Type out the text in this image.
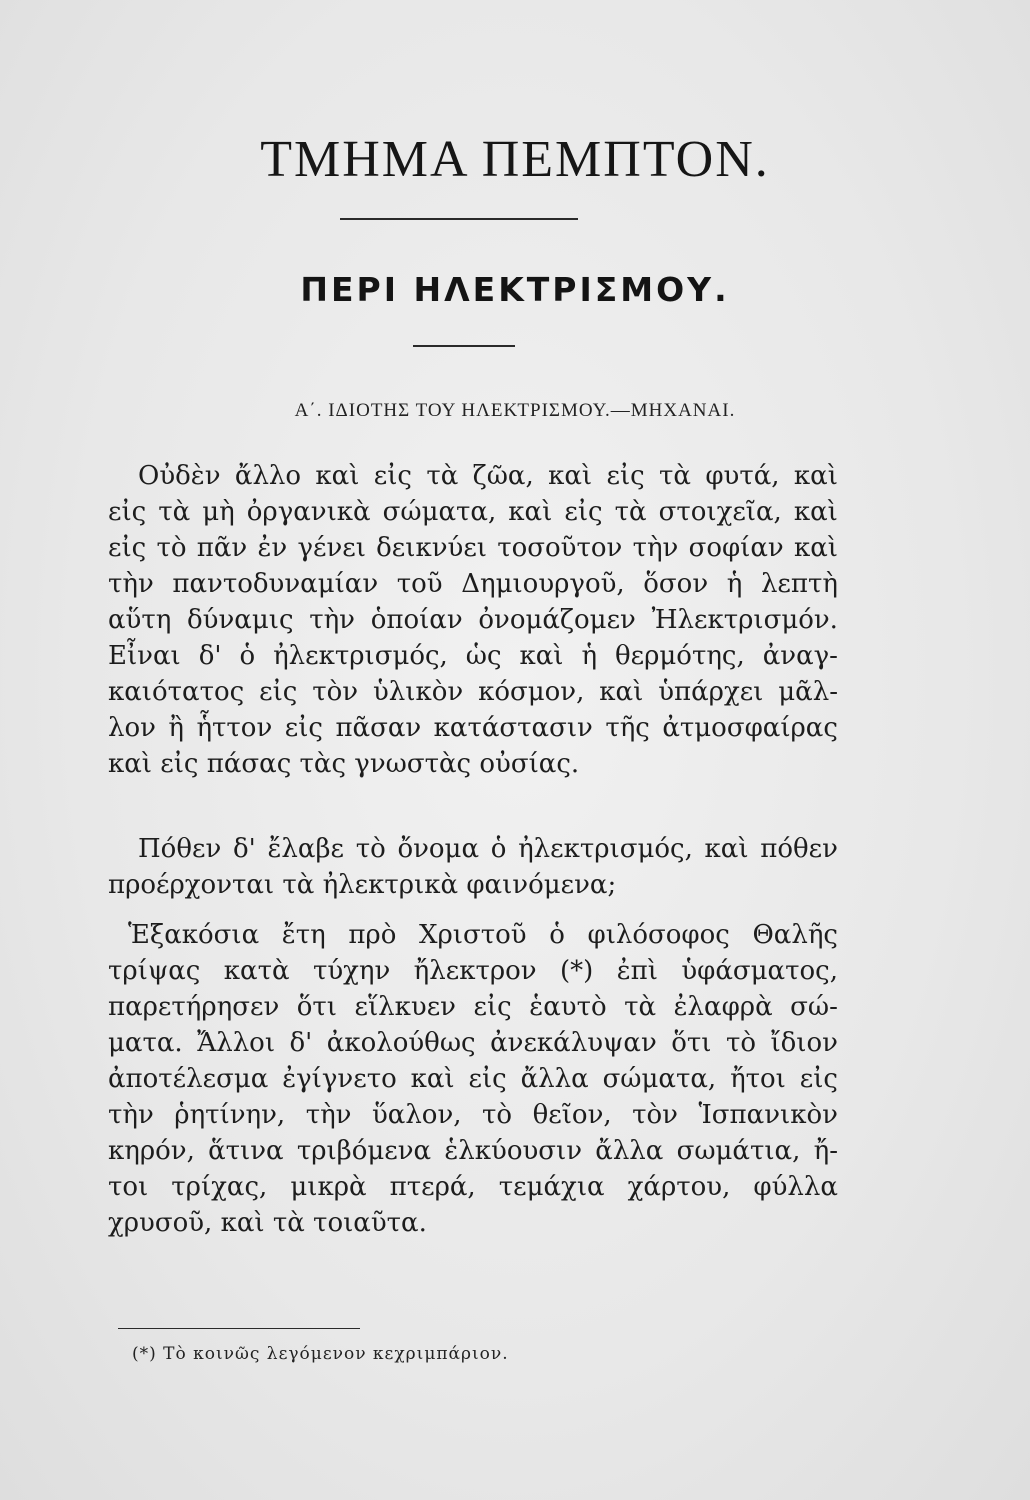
ΤΜΗΜΑ ΠΕΜΠΤΟΝ.
ΠΕΡΙ ΗΛΕΚΤΡΙΣΜΟΥ.
Α΄. ΙΔΙΟΤΗΣ ΤΟΥ ΗΛΕΚΤΡΙΣΜΟΥ.—ΜΗΧΑΝΑΙ.
Οὐδὲν ἄλλο καὶ εἰς τὰ ζῶα, καὶ εἰς τὰ φυτά, καὶ
εἰς τὰ μὴ ὀργανικὰ σώματα, καὶ εἰς τὰ στοιχεῖα, καὶ
εἰς τὸ πᾶν ἐν γένει δεικνύει τοσοῦτον τὴν σοφίαν καὶ
τὴν παντοδυναμίαν τοῦ Δημιουργοῦ, ὅσον ἡ λεπτὴ
αὕτη δύναμις τὴν ὁποίαν ὀνομάζομεν Ἠλεκτρισμόν.
Εἶναι δ' ὁ ἠλεκτρισμός, ὡς καὶ ἡ θερμότης, ἀναγ-
καιότατος εἰς τὸν ὑλικὸν κόσμον, καὶ ὑπάρχει μᾶλ-
λον ἢ ἧττον εἰς πᾶσαν κατάστασιν τῆς ἀτμοσφαίρας
καὶ εἰς πάσας τὰς γνωστὰς οὐσίας.
Πόθεν δ' ἔλαβε τὸ ὄνομα ὁ ἠλεκτρισμός, καὶ πόθεν
προέρχονται τὰ ἠλεκτρικὰ φαινόμενα;
Ἑξακόσια ἔτη πρὸ Χριστοῦ ὁ φιλόσοφος Θαλῆς
τρίψας κατὰ τύχην ἤλεκτρον (*) ἐπὶ ὑφάσματος,
παρετήρησεν ὅτι εἵλκυεν εἰς ἑαυτὸ τὰ ἐλαφρὰ σώ-
ματα. Ἄλλοι δ' ἀκολούθως ἀνεκάλυψαν ὅτι τὸ ἴδιον
ἀποτέλεσμα ἐγίγνετο καὶ εἰς ἄλλα σώματα, ἤτοι εἰς
τὴν ῥητίνην, τὴν ὕαλον, τὸ θεῖον, τὸν Ἱσπανικὸν
κηρόν, ἅτινα τριβόμενα ἑλκύουσιν ἄλλα σωμάτια, ἤ-
τοι τρίχας, μικρὰ πτερά, τεμάχια χάρτου, φύλλα
χρυσοῦ, καὶ τὰ τοιαῦτα.
(*) Τὸ κοινῶς λεγόμενον κεχριμπάριον.
